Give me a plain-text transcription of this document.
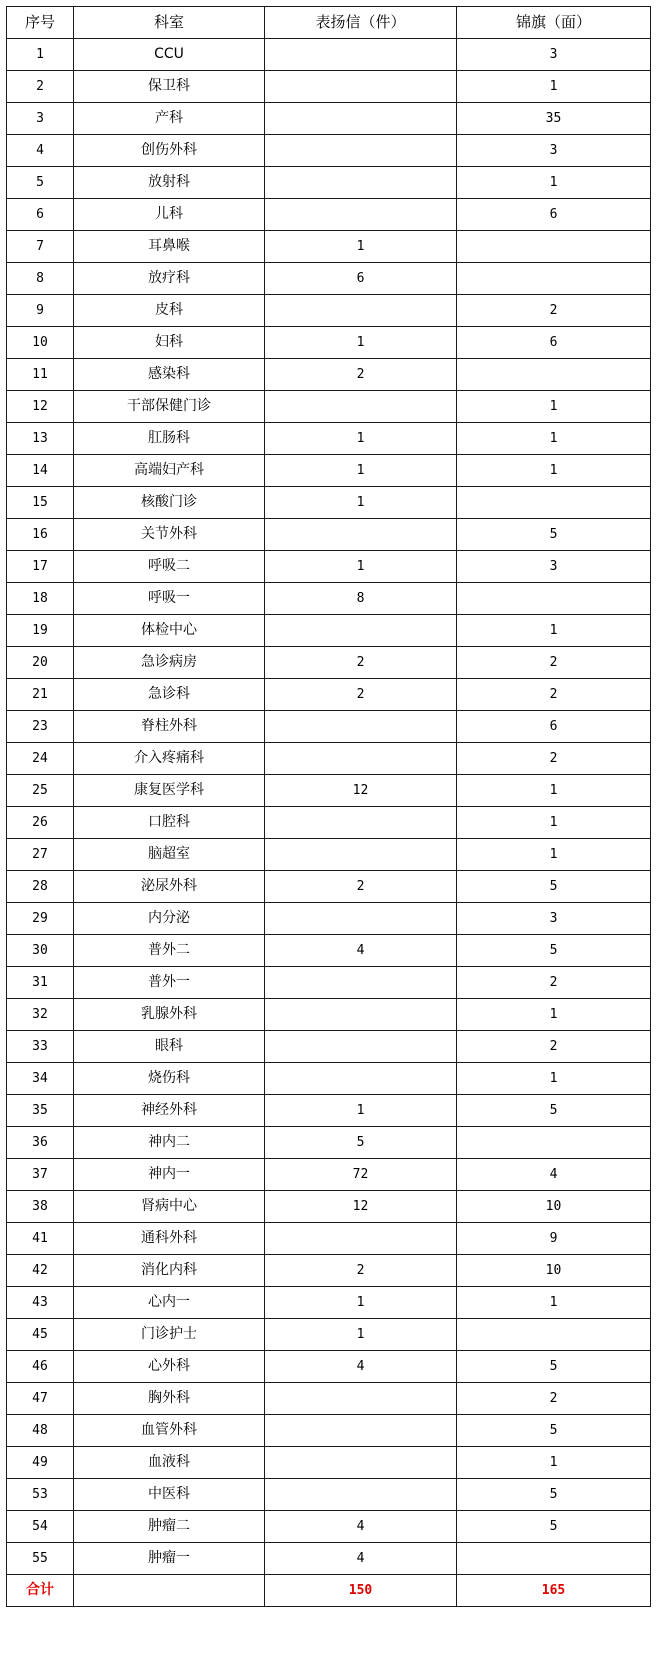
序号	科室	表扬信（件）	锦旗（面）
1	CCU		3
2	保卫科		1
3	产科		35
4	创伤外科		3
5	放射科		1
6	儿科		6
7	耳鼻喉	1	
8	放疗科	6	
9	皮科		2
10	妇科	1	6
11	感染科	2	
12	干部保健门诊		1
13	肛肠科	1	1
14	高端妇产科	1	1
15	核酸门诊	1	
16	关节外科		5
17	呼吸二	1	3
18	呼吸一	8	
19	体检中心		1
20	急诊病房	2	2
21	急诊科	2	2
23	脊柱外科		6
24	介入疼痛科		2
25	康复医学科	12	1
26	口腔科		1
27	脑超室		1
28	泌尿外科	2	5
29	内分泌		3
30	普外二	4	5
31	普外一		2
32	乳腺外科		1
33	眼科		2
34	烧伤科		1
35	神经外科	1	5
36	神内二	5	
37	神内一	72	4
38	肾病中心	12	10
41	通科外科		9
42	消化内科	2	10
43	心内一	1	1
45	门诊护士	1	
46	心外科	4	5
47	胸外科		2
48	血管外科		5
49	血液科		1
53	中医科		5
54	肿瘤二	4	5
55	肿瘤一	4	
合计		150	165
